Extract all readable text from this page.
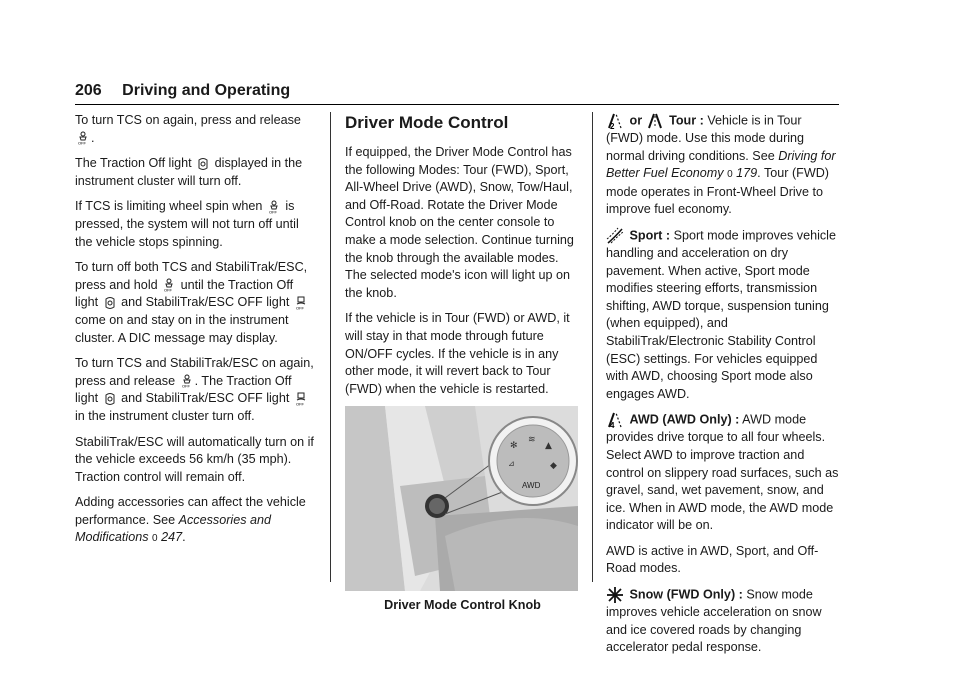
206 Driving and Operating

To turn TCS on again, press and release
OFF .

The Traction Off light displayed in the instrument cluster will turn off.

If TCS is limiting wheel spin when OFF is pressed, the system will not turn off until the vehicle stops spinning.

To turn off both TCS and StabiliTrak/ESC, press and hold OFF until the Traction Off light and StabiliTrak/ESC OFF light OFF
come on and stay on in the instrument cluster. A DIC message may display.

To turn TCS and StabiliTrak/ESC on again, press and release OFF . The Traction Off light and StabiliTrak/ESC OFF light OFF
in the instrument cluster turn off.

StabiliTrak/ESC will automatically turn on if the vehicle exceeds 56 km/h (35 mph). Traction control will remain off.

Adding accessories can affect the vehicle performance. See Accessories and Modifications 0 247.

Driver Mode Control

If equipped, the Driver Mode Control has the following Modes: Tour (FWD), Sport, All-Wheel Drive (AWD), Snow, Tow/Haul, and Off-Road. Rotate the Driver Mode Control knob on the center console to make a mode selection. Continue turning the knob through the available modes. The selected mode's icon will light up on the knob.

If the vehicle is in Tour (FWD) or AWD, it will stay in that mode through future ON/OFF cycles. If the vehicle is in any other mode, it will revert back to Tour (FWD) when the vehicle is restarted.

AWD
✻
≋
▲
⊿	◆
Driver Mode Control Knob

2 or Tour : Vehicle is in Tour (FWD) mode. Use this mode during normal driving conditions. See Driving for Better Fuel Economy 0 179. Tour (FWD) mode operates in Front-Wheel Drive to improve fuel economy.

Sport : Sport mode improves vehicle handling and acceleration on dry pavement. When active, Sport mode modifies steering efforts, transmission shifting, AWD torque, suspension tuning (when equipped), and StabiliTrak/Electronic Stability Control (ESC) settings. For vehicles equipped with AWD, choosing Sport mode also engages AWD.

4 AWD (AWD Only) : AWD mode provides drive torque to all four wheels. Select AWD to improve traction and control on slippery road surfaces, such as gravel, sand, wet pavement, snow, and ice. When in AWD mode, the AWD mode indicator will be on.

AWD is active in AWD, Sport, and Off-Road modes.

Snow (FWD Only) : Snow mode improves vehicle acceleration on snow and ice covered roads by changing accelerator pedal response.
